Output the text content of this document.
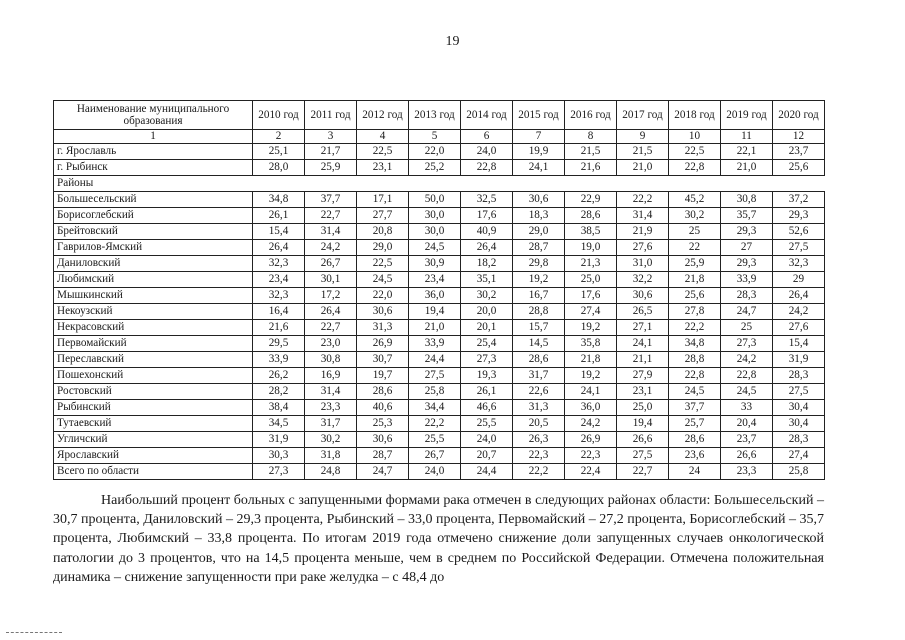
19
Наименование муниципального образования	2010 год	2011 год	2012 год	2013 год	2014 год	2015 год	2016 год	2017 год	2018 год	2019 год	2020 год
1	2	3	4	5	6	7	8	9	10	11	12
г. Ярославль	25,1	21,7	22,5	22,0	24,0	19,9	21,5	21,5	22,5	22,1	23,7
г. Рыбинск	28,0	25,9	23,1	25,2	22,8	24,1	21,6	21,0	22,8	21,0	25,6
Районы											
Большесельский	34,8	37,7	17,1	50,0	32,5	30,6	22,9	22,2	45,2	30,8	37,2
Борисоглебский	26,1	22,7	27,7	30,0	17,6	18,3	28,6	31,4	30,2	35,7	29,3
Брейтовский	15,4	31,4	20,8	30,0	40,9	29,0	38,5	21,9	25	29,3	52,6
Гаврилов-Ямский	26,4	24,2	29,0	24,5	26,4	28,7	19,0	27,6	22	27	27,5
Даниловский	32,3	26,7	22,5	30,9	18,2	29,8	21,3	31,0	25,9	29,3	32,3
Любимский	23,4	30,1	24,5	23,4	35,1	19,2	25,0	32,2	21,8	33,9	29
Мышкинский	32,3	17,2	22,0	36,0	30,2	16,7	17,6	30,6	25,6	28,3	26,4
Некоузский	16,4	26,4	30,6	19,4	20,0	28,8	27,4	26,5	27,8	24,7	24,2
Некрасовский	21,6	22,7	31,3	21,0	20,1	15,7	19,2	27,1	22,2	25	27,6
Первомайский	29,5	23,0	26,9	33,9	25,4	14,5	35,8	24,1	34,8	27,3	15,4
Переславский	33,9	30,8	30,7	24,4	27,3	28,6	21,8	21,1	28,8	24,2	31,9
Пошехонский	26,2	16,9	19,7	27,5	19,3	31,7	19,2	27,9	22,8	22,8	28,3
Ростовский	28,2	31,4	28,6	25,8	26,1	22,6	24,1	23,1	24,5	24,5	27,5
Рыбинский	38,4	23,3	40,6	34,4	46,6	31,3	36,0	25,0	37,7	33	30,4
Тутаевский	34,5	31,7	25,3	22,2	25,5	20,5	24,2	19,4	25,7	20,4	30,4
Угличский	31,9	30,2	30,6	25,5	24,0	26,3	26,9	26,6	28,6	23,7	28,3
Ярославский	30,3	31,8	28,7	26,7	20,7	22,3	22,3	27,5	23,6	26,6	27,4
Всего по области	27,3	24,8	24,7	24,0	24,4	22,2	22,4	22,7	24	23,3	25,8

Наибольший процент больных с запущенными формами рака отмечен в следующих районах области: Большесельский – 30,7 процента, Даниловский – 29,3 процента, Рыбинский – 33,0 процента, Первомайский – 27,2 процента, Борисоглебский – 35,7 процента, Любимский – 33,8 процента. По итогам 2019 года отмечено снижение доли запущенных случаев онкологической патологии до 3 процентов, что на 14,5 процента меньше, чем в среднем по Российской Федерации. Отмечена положительная динамика – снижение запущенности при раке желудка – с 48,4 до
